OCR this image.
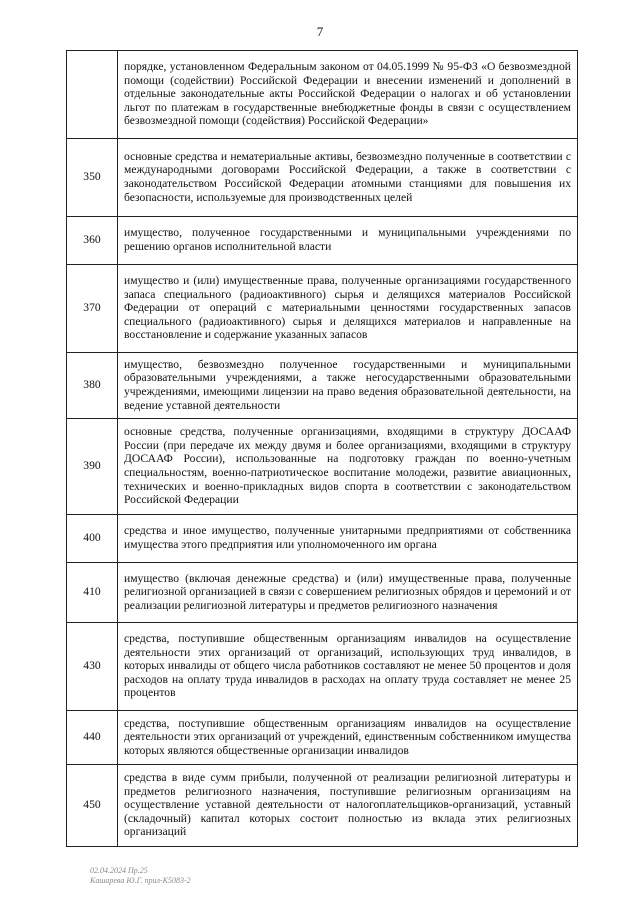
7
	порядке, установленном Федеральным законом от 04.05.1999 № 95-ФЗ «О безвозмездной помощи (содействии) Российской Федерации и внесении изменений и дополнений в отдельные законодательные акты Российской Федерации о налогах и об установлении льгот по платежам в государственные внебюджетные фонды в связи с осуществлением безвозмездной помощи (содействия) Российской Федерации»
350	основные средства и нематериальные активы, безвозмездно полученные в соответствии с международными договорами Российской Федерации, а также в соответствии с законодательством Российской Федерации атомными станциями для повышения их безопасности, используемые для производственных целей
360	имущество, полученное государственными и муниципальными учреждениями по решению органов исполнительной власти
370	имущество и (или) имущественные права, полученные организациями государственного запаса специального (радиоактивного) сырья и делящихся материалов Российской Федерации от операций с материальными ценностями государственных запасов специального (радиоактивного) сырья и делящихся материалов и направленные на восстановление и содержание указанных запасов
380	имущество, безвозмездно полученное государственными и муниципальными образовательными учреждениями, а также негосударственными образовательными учреждениями, имеющими лицензии на право ведения образовательной деятельности, на ведение уставной деятельности
390	основные средства, полученные организациями, входящими в структуру ДОСААФ России (при передаче их между двумя и более организациями, входящими в структуру ДОСААФ России), использованные на подготовку граждан по военно-учетным специальностям, военно-патриотическое воспитание молодежи, развитие авиационных, технических и военно-прикладных видов спорта в соответствии с законодательством Российской Федерации
400	средства и иное имущество, полученные унитарными предприятиями от собственника имущества этого предприятия или уполномоченного им органа
410	имущество (включая денежные средства) и (или) имущественные права, полученные религиозной организацией в связи с совершением религиозных обрядов и церемоний и от реализации религиозной литературы и предметов религиозного назначения
430	средства, поступившие общественным организациям инвалидов на осуществление деятельности этих организаций от организаций, использующих труд инвалидов, в которых инвалиды от общего числа работников составляют не менее 50 процентов и доля расходов на оплату труда инвалидов в расходах на оплату труда составляет не менее 25 процентов
440	средства, поступившие общественным организациям инвалидов на осуществление деятельности этих организаций от учреждений, единственным собственником имущества которых являются общественные организации инвалидов
450	средства в виде сумм прибыли, полученной от реализации религиозной литературы и предметов религиозного назначения, поступившие религиозным организациям на осуществление уставной деятельности от налогоплательщиков-организаций, уставный (складочный) капитал которых состоит полностью из вклада этих религиозных организаций
02.04.2024 Пр.25
Кашарева Ю.Г. прил-К5083-2
